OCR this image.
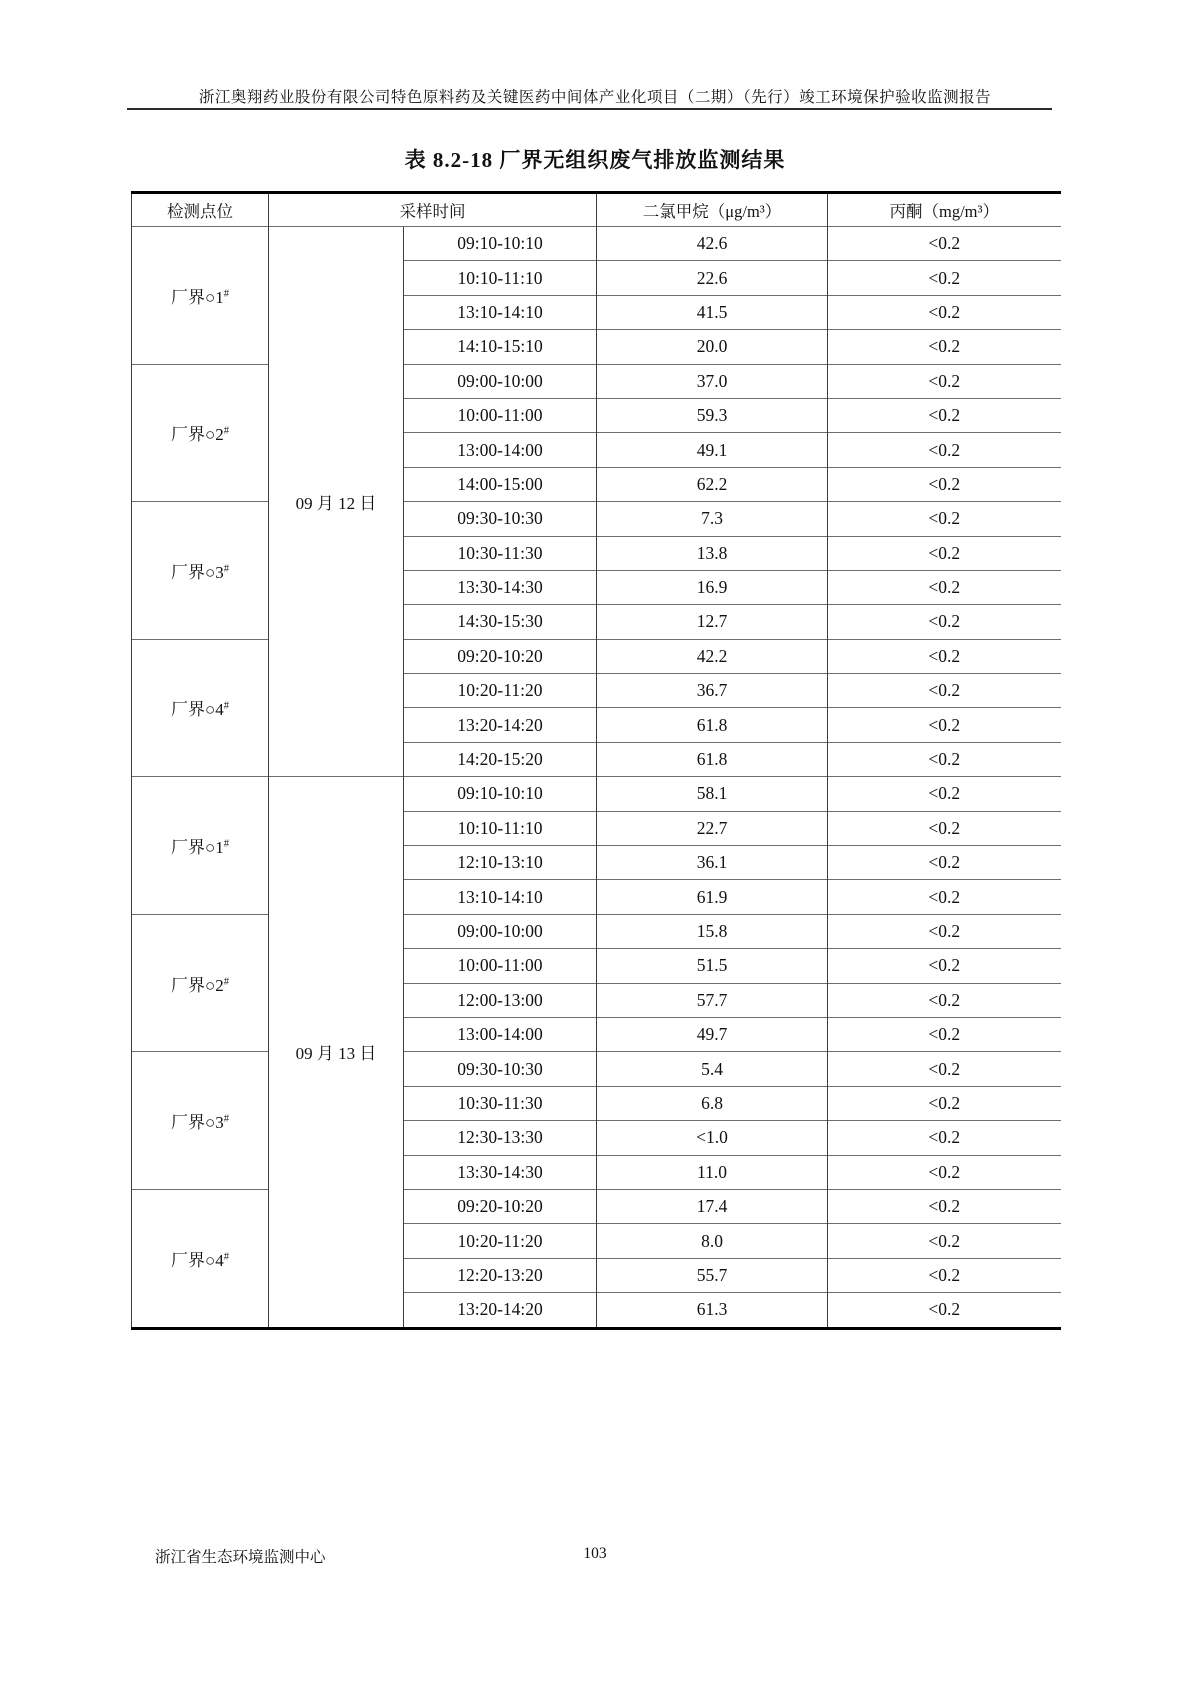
浙江奥翔药业股份有限公司特色原料药及关键医药中间体产业化项目（二期）（先行）竣工环境保护验收监测报告
表 8.2-18 厂界无组织废气排放监测结果
检测点位	采样时间		二氯甲烷（μg/m³）	丙酮（mg/m³）
厂界○1#	09 月 12 日	09:10-10:10	42.6	<0.2
		10:10-11:10	22.6	<0.2
		13:10-14:10	41.5	<0.2
		14:10-15:10	20.0	<0.2
厂界○2#		09:00-10:00	37.0	<0.2
		10:00-11:00	59.3	<0.2
		13:00-14:00	49.1	<0.2
		14:00-15:00	62.2	<0.2
厂界○3#		09:30-10:30	7.3	<0.2
		10:30-11:30	13.8	<0.2
		13:30-14:30	16.9	<0.2
		14:30-15:30	12.7	<0.2
厂界○4#		09:20-10:20	42.2	<0.2
		10:20-11:20	36.7	<0.2
		13:20-14:20	61.8	<0.2
		14:20-15:20	61.8	<0.2
厂界○1#	09 月 13 日	09:10-10:10	58.1	<0.2
		10:10-11:10	22.7	<0.2
		12:10-13:10	36.1	<0.2
		13:10-14:10	61.9	<0.2
厂界○2#		09:00-10:00	15.8	<0.2
		10:00-11:00	51.5	<0.2
		12:00-13:00	57.7	<0.2
		13:00-14:00	49.7	<0.2
厂界○3#		09:30-10:30	5.4	<0.2
		10:30-11:30	6.8	<0.2
		12:30-13:30	<1.0	<0.2
		13:30-14:30	11.0	<0.2
厂界○4#		09:20-10:20	17.4	<0.2
		10:20-11:20	8.0	<0.2
		12:20-13:20	55.7	<0.2
		13:20-14:20	61.3	<0.2
浙江省生态环境监测中心	103
